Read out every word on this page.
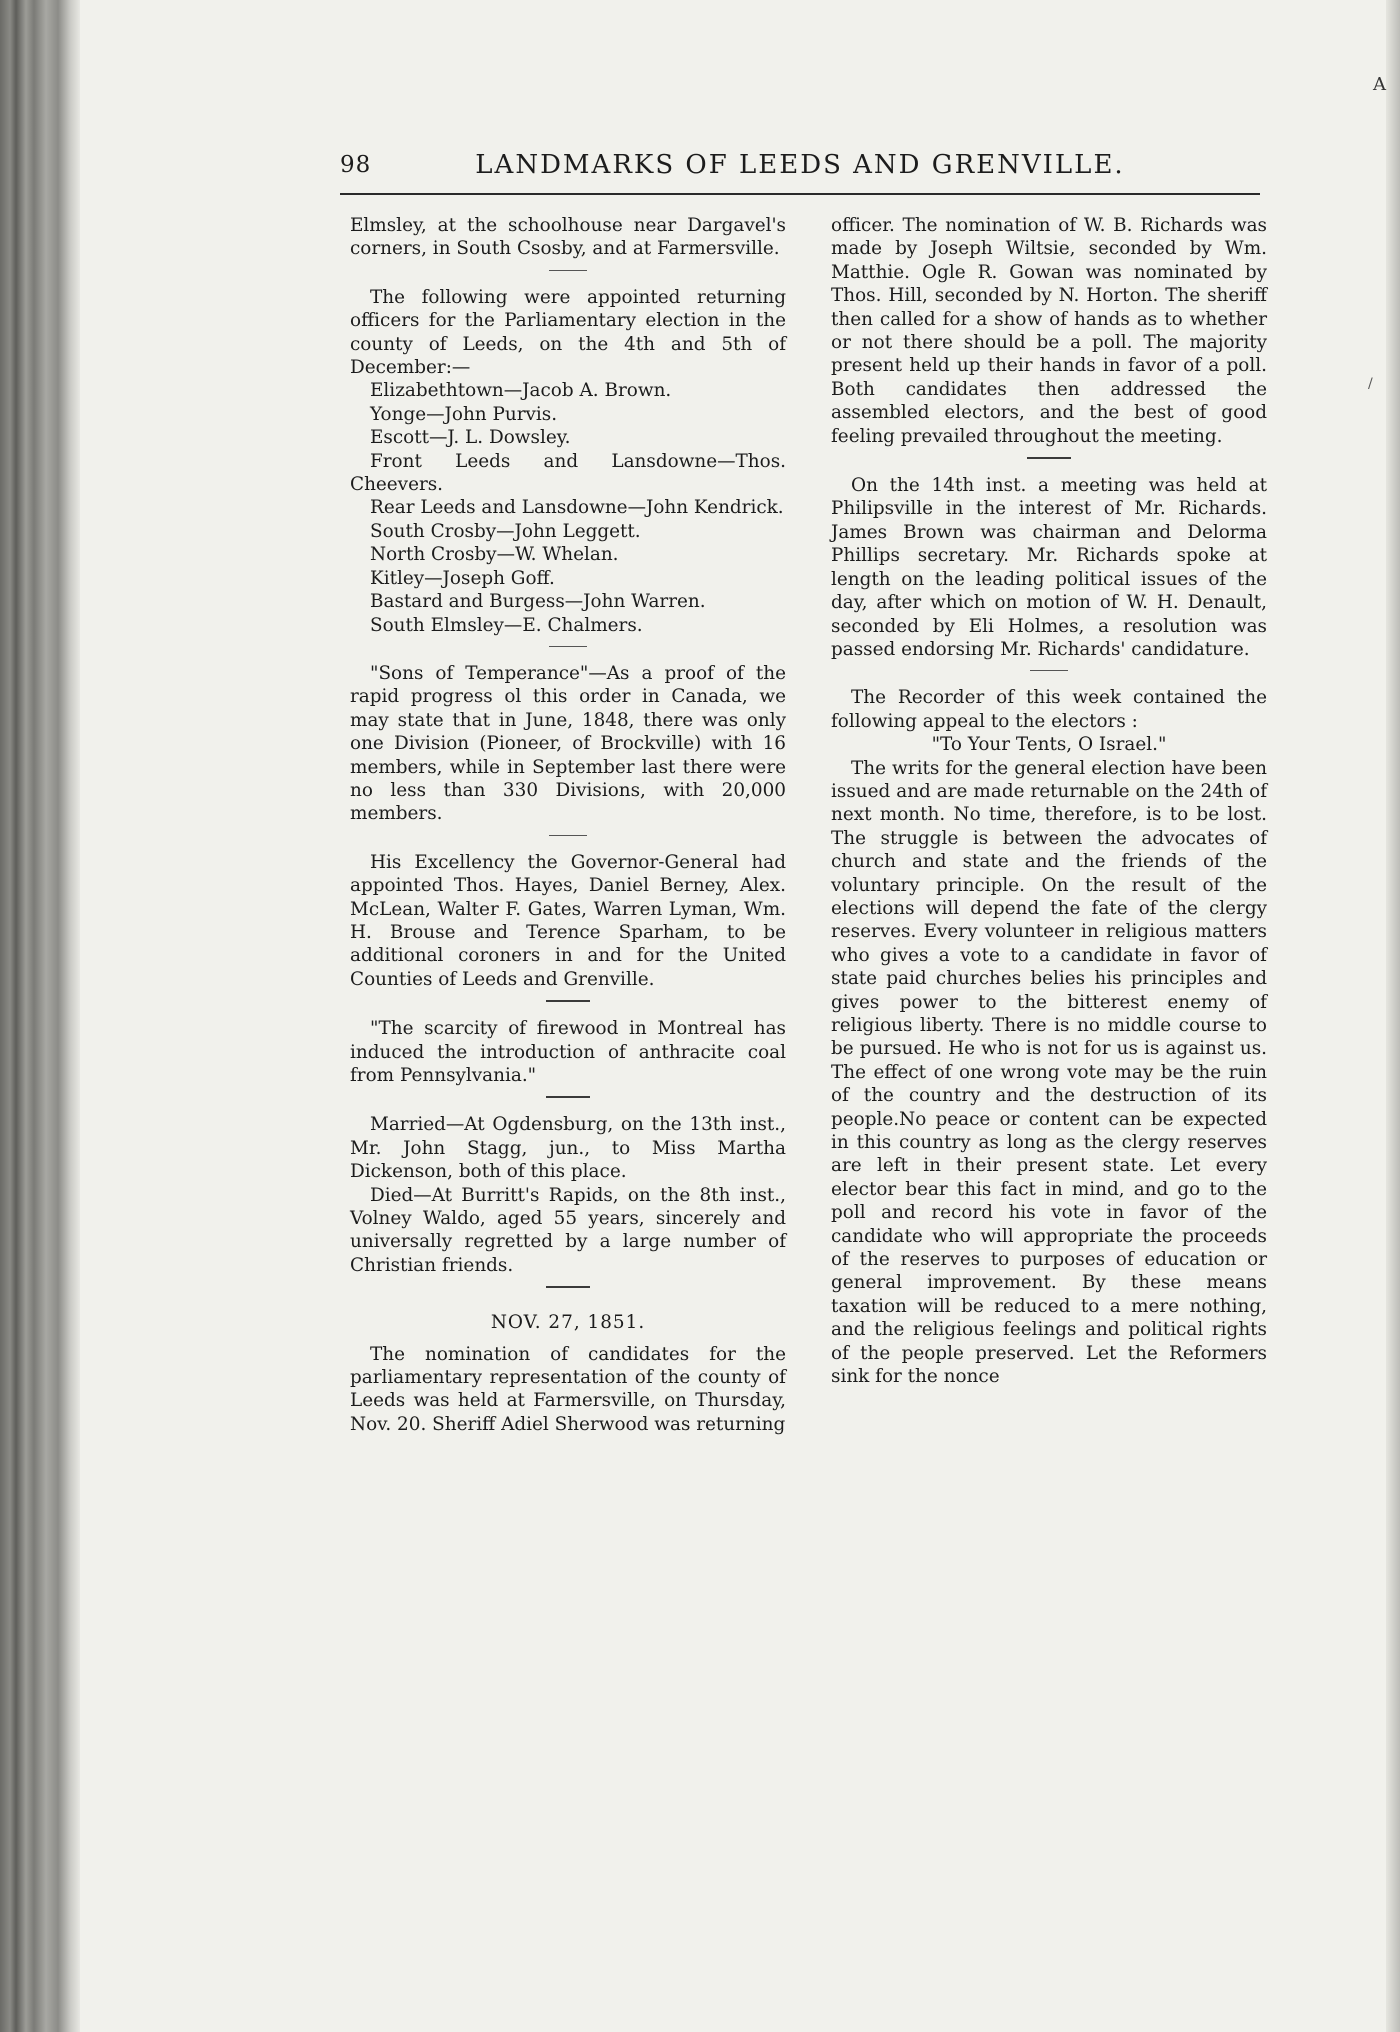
A
/
LANDMARKS OF LEEDS AND GRENVILLE.
98

Elmsley, at the schoolhouse near Dargavel's corners, in South Csosby, and at Farmersville.

The following were appointed returning officers for the Parliamentary election in the county of Leeds, on the 4th and 5th of December:—

Elizabethtown—Jacob A. Brown.

Yonge—John Purvis.

Escott—J. L. Dowsley.

Front Leeds and Lansdowne—Thos. Cheevers.

Rear Leeds and Lansdowne—John Kendrick.

South Crosby—John Leggett.

North Crosby—W. Whelan.

Kitley—Joseph Goff.

Bastard and Burgess—John Warren.

South Elmsley—E. Chalmers.

"Sons of Temperance"—As a proof of the rapid progress ol this order in Canada, we may state that in June, 1848, there was only one Division (Pioneer, of Brockville) with 16 members, while in September last there were no less than 330 Divisions, with 20,000 members.

His Excellency the Governor-General had appointed Thos. Hayes, Daniel Berney, Alex. McLean, Walter F. Gates, Warren Lyman, Wm. H. Brouse and Terence Sparham, to be additional coroners in and for the United Counties of Leeds and Grenville.

"The scarcity of firewood in Montreal has induced the introduction of anthracite coal from Pennsylvania."

Married—At Ogdensburg, on the 13th inst., Mr. John Stagg, jun., to Miss Martha Dickenson, both of this place.

Died—At Burritt's Rapids, on the 8th inst., Volney Waldo, aged 55 years, sincerely and universally regretted by a large number of Christian friends.

NOV. 27, 1851.

The nomination of candidates for the parliamentary representation of the county of Leeds was held at Farmersville, on Thursday, Nov. 20. Sheriff Adiel Sherwood was returning

officer. The nomination of W. B. Richards was made by Joseph Wiltsie, seconded by Wm. Matthie. Ogle R. Gowan was nominated by Thos. Hill, seconded by N. Horton. The sheriff then called for a show of hands as to whether or not there should be a poll. The majority present held up their hands in favor of a poll. Both candidates then addressed the assembled electors, and the best of good feeling prevailed throughout the meeting.

On the 14th inst. a meeting was held at Philipsville in the interest of Mr. Richards. James Brown was chairman and Delorma Phillips secretary. Mr. Richards spoke at length on the leading political issues of the day, after which on motion of W. H. Denault, seconded by Eli Holmes, a resolution was passed endorsing Mr. Richards' candidature.

The Recorder of this week contained the following appeal to the electors :

"To Your Tents, O Israel."

The writs for the general election have been issued and are made returnable on the 24th of next month. No time, therefore, is to be lost. The struggle is between the advocates of church and state and the friends of the voluntary principle. On the result of the elections will depend the fate of the clergy reserves. Every volunteer in religious matters who gives a vote to a candidate in favor of state paid churches belies his principles and gives power to the bitterest enemy of religious liberty. There is no middle course to be pursued. He who is not for us is against us. The effect of one wrong vote may be the ruin of the country and the destruction of its people.No peace or content can be expected in this country as long as the clergy reserves are left in their present state. Let every elector bear this fact in mind, and go to the poll and record his vote in favor of the candidate who will appropriate the proceeds of the reserves to purposes of education or general improvement. By these means taxation will be reduced to a mere nothing, and the religious feelings and political rights of the people preserved. Let the Reformers sink for the nonce
